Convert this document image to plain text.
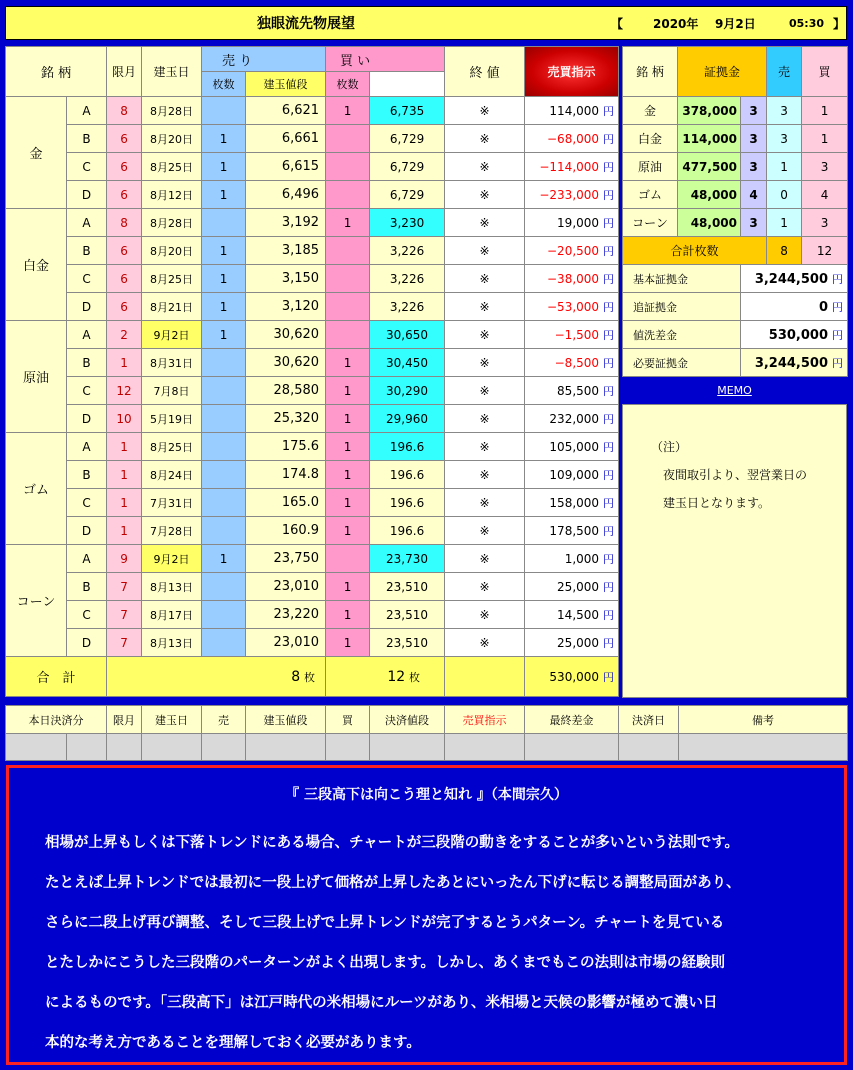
独眼流先物展望	【 2020年 9月2日	05:30 】
銘 柄		限月	建玉日	売 り		買 い		終 値	売買指示	
				枚数	建玉値段	枚数				
金	A	8	8月28日		6,621	1	6,735	※	114,000 円	
	B	6	8月20日	1	6,661		6,729	※	−68,000 円	
	C	6	8月25日	1	6,615		6,729	※	−114,000 円	
	D	6	8月12日	1	6,496		6,729	※	−233,000 円	
白金	A	8	8月28日		3,192	1	3,230	※	19,000 円	
	B	6	8月20日	1	3,185		3,226	※	−20,500 円	
	C	6	8月25日	1	3,150		3,226	※	−38,000 円	
	D	6	8月21日	1	3,120		3,226	※	−53,000 円	
原油	A	2	9月2日	1	30,620		30,650	※	−1,500 円	
	B	1	8月31日		30,620	1	30,450	※	−8,500 円	
	C	12	7月8日		28,580	1	30,290	※	85,500 円	
	D	10	5月19日		25,320	1	29,960	※	232,000 円	
ゴム	A	1	8月25日		175.6	1	196.6	※	105,000 円	
	B	1	8月24日		174.8	1	196.6	※	109,000 円	
	C	1	7月31日		165.0	1	196.6	※	158,000 円	
	D	1	7月28日		160.9	1	196.6	※	178,500 円	
コーン	A	9	9月2日	1	23,750		23,730	※	1,000 円	
	B	7	8月13日		23,010	1	23,510	※	25,000 円	
	C	7	8月17日		23,220	1	23,510	※	14,500 円	
	D	7	8月13日		23,010	1	23,510	※	25,000 円	
合　計		8 枚				12 枚			530,000 円	
銘 柄	証拠金		売	買
金	378,000	3	3	1
白金	114,000	3	3	1
原油	477,500	3	1	3
ゴム	48,000	4	0	4
コーン	48,000	3	1	3
合計枚数			8	12
基本証拠金		3,244,500 円		
追証拠金		0 円		
値洗差金		530,000 円		
必要証拠金		3,244,500 円		
MEMO
（注）
　夜間取引より、翌営業日の
　建玉日となります。
本日決済分		限月	建玉日	売	建玉値段	買	決済値段	売買指示	最終差金	決済日	備考

『 三段高下は向こう理と知れ 』（本間宗久）
相場が上昇もしくは下落トレンドにある場合、チャートが三段階の動きをすることが多いという法則です。
たとえば上昇トレンドでは最初に一段上げて価格が上昇したあとにいったん下げに転じる調整局面があり、
さらに二段上げ再び調整、そして三段上げで上昇トレンドが完了するとうパターン。チャートを見ている
とたしかにこうした三段階のパーターンがよく出現します。しかし、あくまでもこの法則は市場の経験則
によるものです。「三段高下」は江戸時代の米相場にルーツがあり、米相場と天候の影響が極めて濃い日
本的な考え方であることを理解しておく必要があります。
